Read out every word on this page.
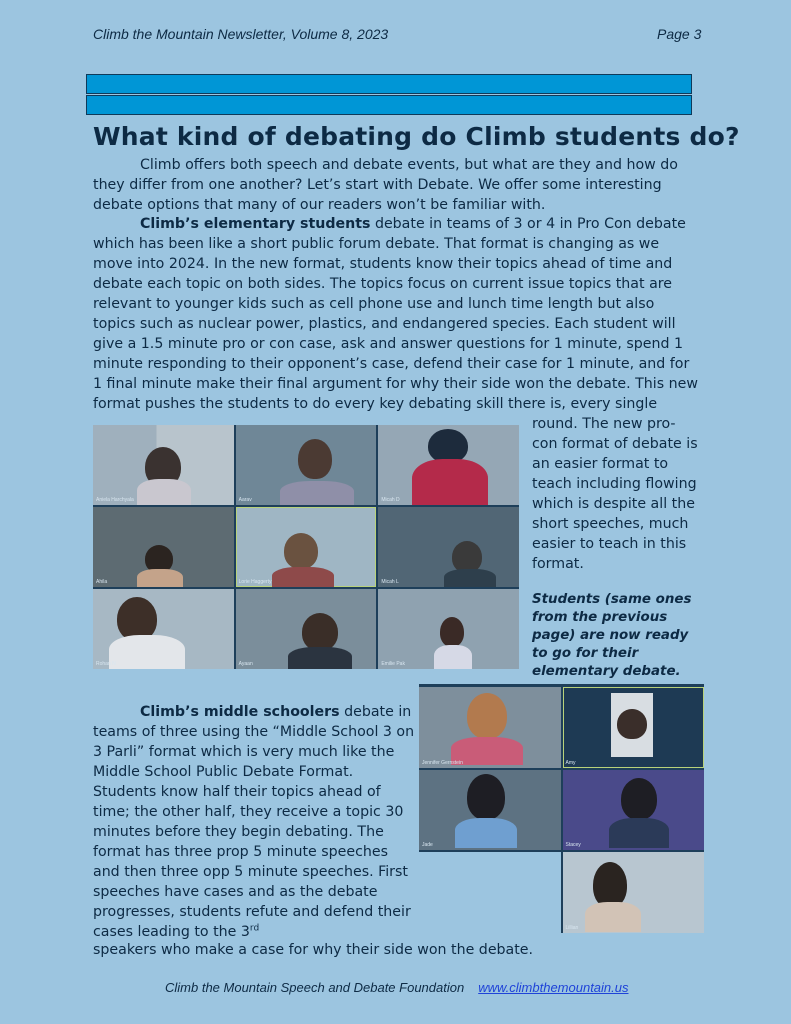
Climb the Mountain Newsletter, Volume 8, 2023	Page 3
What kind of debating do Climb students do?
Climb offers both speech and debate events, but what are they and how do they differ from one another? Let’s start with Debate. We offer some interesting debate options that many of our readers won’t be familiar with.
Climb’s elementary students debate in teams of 3 or 4 in Pro Con debate which has been like a short public forum debate. That format is changing as we move into 2024. In the new format, students know their topics ahead of time and debate each topic on both sides. The topics focus on current issue topics that are relevant to younger kids such as cell phone use and lunch time length but also topics such as nuclear power, plastics, and endangered species. Each student will give a 1.5 minute pro or con case, ask and answer questions for 1 minute, spend 1 minute responding to their opponent’s case, defend their case for 1 minute, and for 1 final minute make their final argument for why their side won the debate. This new format pushes the students to do every key debating skill there is, every single
round. The new pro-con format of debate is an easier format to teach including flowing which is despite all the short speeches, much easier to teach in this format.
Aniela Harchyala	Aarav	Micah D
Ahila	Lorie Haggerty	Micah L
Rohan N	Ayaan	Emilie Pak
Students (same ones from the previous page) are now ready to go for their elementary debate.
Jennifer Gernstein	Amy
Jade	Stacey
Lillian
Climb’s middle schoolers debate in teams of three using the “Middle School 3 on 3 Parli” format which is very much like the Middle School Public Debate Format. Students know half their topics ahead of time; the other half, they receive a topic 30 minutes before they begin debating. The format has three prop 5 minute speeches and then three opp 5 minute speeches. First speeches have cases and as the debate progresses, students refute and defend their cases leading to the 3rd
speakers who make a case for why their side won the debate.
Climb the Mountain Speech and Debate Foundation www.climbthemountain.us
